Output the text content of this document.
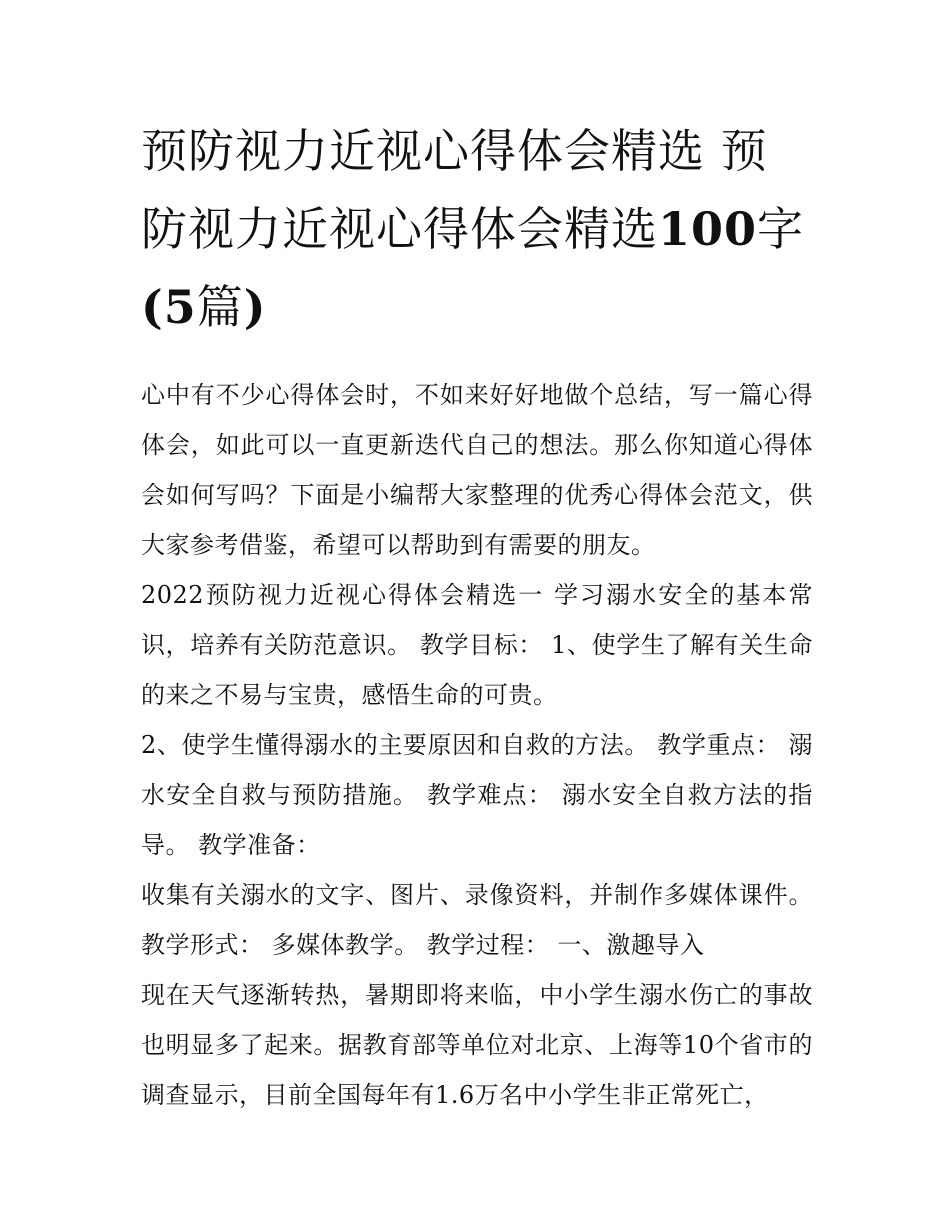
预防视力近视心得体会精选 预防视力近视心得体会精选100字(5篇)

心中有不少心得体会时，不如来好好地做个总结，写一篇心得体会，如此可以一直更新迭代自己的想法。那么你知道心得体会如何写吗？下面是小编帮大家整理的优秀心得体会范文，供大家参考借鉴，希望可以帮助到有需要的朋友。

2022预防视力近视心得体会精选一 学习溺水安全的基本常识，培养有关防范意识。 教学目标： 1、使学生了解有关生命的来之不易与宝贵，感悟生命的可贵。

2、使学生懂得溺水的主要原因和自救的方法。 教学重点： 溺水安全自救与预防措施。 教学难点： 溺水安全自救方法的指导。 教学准备：

收集有关溺水的文字、图片、录像资料，并制作多媒体课件。 教学形式： 多媒体教学。 教学过程： 一、激趣导入

现在天气逐渐转热，暑期即将来临，中小学生溺水伤亡的事故也明显多了起来。据教育部等单位对北京、上海等10个省市的调查显示，目前全国每年有1.6万名中小学生非正常死亡，
